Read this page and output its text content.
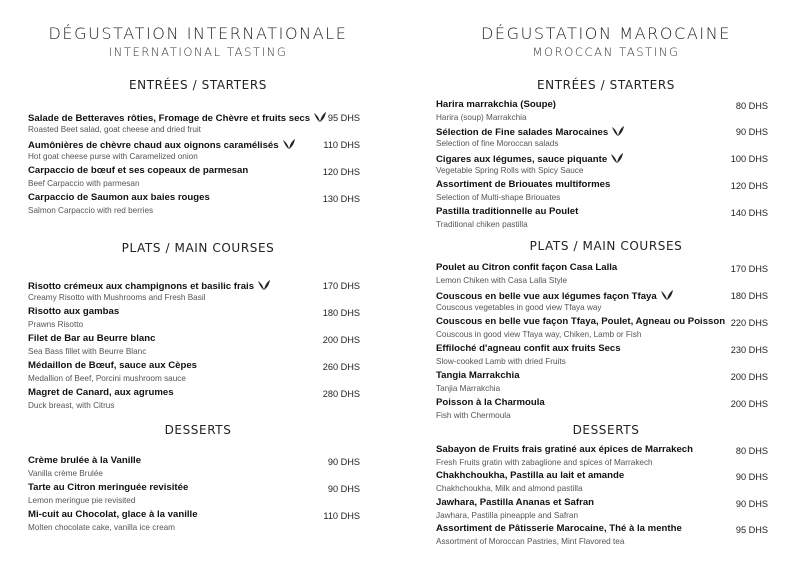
DÉGUSTATION INTERNATIONALE
INTERNATIONAL TASTING
ENTRÉES / STARTERS
Salade de Betteraves rôties, Fromage de Chèvre et fruits secs
Roasted Beet salad, goat cheese and dried fruit
95 DHS
Aumônières de chèvre chaud aux oignons caramélisés
Hot goat cheese purse with Caramelized onion
110 DHS
Carpaccio de bœuf et ses copeaux de parmesan
Beef Carpaccio with parmesan
120 DHS
Carpaccio de Saumon aux baies rouges
Salmon Carpaccio with red berries
130 DHS
PLATS / MAIN COURSES
Risotto crémeux aux champignons et basilic frais
Creamy Risotto with Mushrooms and Fresh Basil
170 DHS
Risotto aux gambas
Prawns Risotto
180 DHS
Filet de Bar au Beurre blanc
Sea Bass fillet with Beurre Blanc
200 DHS
Médaillon de Bœuf, sauce aux Cèpes
Medallion of Beef, Porcini mushroom sauce
260 DHS
Magret de Canard, aux agrumes
Duck breast, with Citrus
280 DHS
DESSERTS
Crème brulée à la Vanille
Vanilla crème Brulée
90 DHS
Tarte au Citron meringuée revisitée
Lemon meringue pie revisited
90 DHS
Mi-cuit au Chocolat, glace à la vanille
Molten chocolate cake, vanilla ice cream
110 DHS
DÉGUSTATION MAROCAINE
MOROCCAN TASTING
ENTRÉES / STARTERS
Harira marrakchia (Soupe)
Harira (soup) Marrakchia
80 DHS
Sélection de Fine salades Marocaines
Selection of fine Moroccan salads
90 DHS
Cigares aux légumes, sauce piquante
Vegetable Spring Rolls with Spicy Sauce
100 DHS
Assortiment de Briouates multiformes
Selection of Multi-shape Briouates
120 DHS
Pastilla traditionnelle au Poulet
Traditional chiken pastilla
140 DHS
PLATS / MAIN COURSES
Poulet au Citron confit façon Casa Lalla
Lemon Chiken with Casa Lalla Style
170 DHS
Couscous en belle vue aux légumes façon Tfaya
Couscous vegetables in good view Tfaya way
180 DHS
Couscous en belle vue façon Tfaya, Poulet, Agneau ou Poisson
Couscous in good view Tfaya way, Chiken, Lamb or Fish
220 DHS
Effiloché d'agneau confit aux fruits Secs
Slow-cooked Lamb with dried Fruits
230 DHS
Tangia Marrakchia
Tanjia Marrakchia
200 DHS
Poisson à la Charmoula
Fish with Chermoula
200 DHS
DESSERTS
Sabayon de Fruits frais gratiné aux épices de Marrakech
Fresh Fruits gratin with zabaglione and spices of Marrakech
80 DHS
Chakhchoukha, Pastilla au lait et amande
Chakhchoukha, Milk and almond pastilla
90 DHS
Jawhara, Pastilla Ananas et Safran
Jawhara, Pastilla pineapple and Safran
90 DHS
Assortiment de Pâtisserie Marocaine, Thé à la menthe
Assortment of Moroccan Pastries, Mint Flavored tea
95 DHS
